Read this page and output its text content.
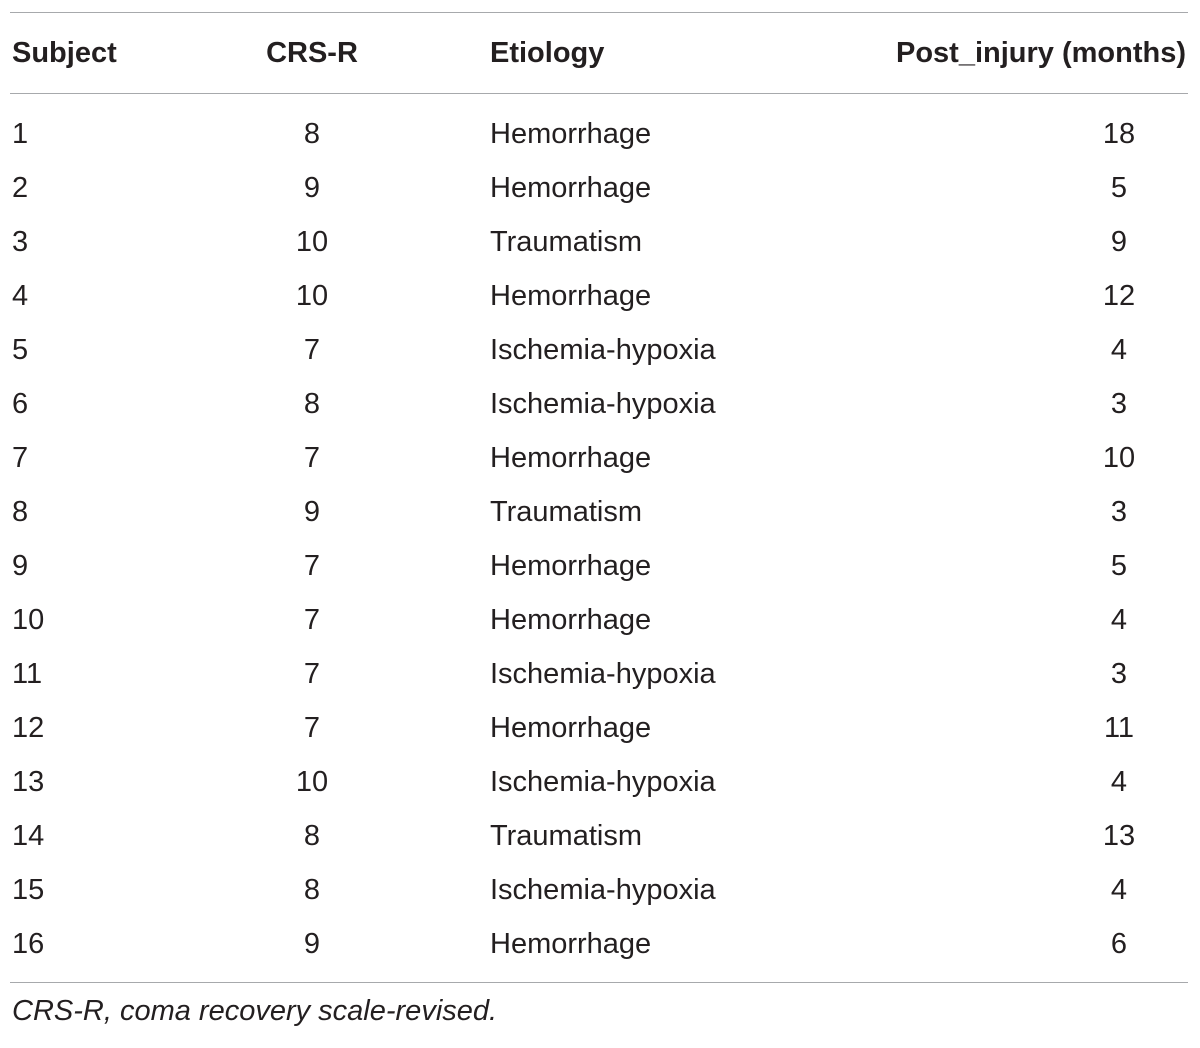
Subject	CRS-R	Etiology	Post_injury (months)
1	8	Hemorrhage	18
2	9	Hemorrhage	5
3	10	Traumatism	9
4	10	Hemorrhage	12
5	7	Ischemia-hypoxia	4
6	8	Ischemia-hypoxia	3
7	7	Hemorrhage	10
8	9	Traumatism	3
9	7	Hemorrhage	5
10	7	Hemorrhage	4
11	7	Ischemia-hypoxia	3
12	7	Hemorrhage	11
13	10	Ischemia-hypoxia	4
14	8	Traumatism	13
15	8	Ischemia-hypoxia	4
16	9	Hemorrhage	6
CRS-R, coma recovery scale-revised.
